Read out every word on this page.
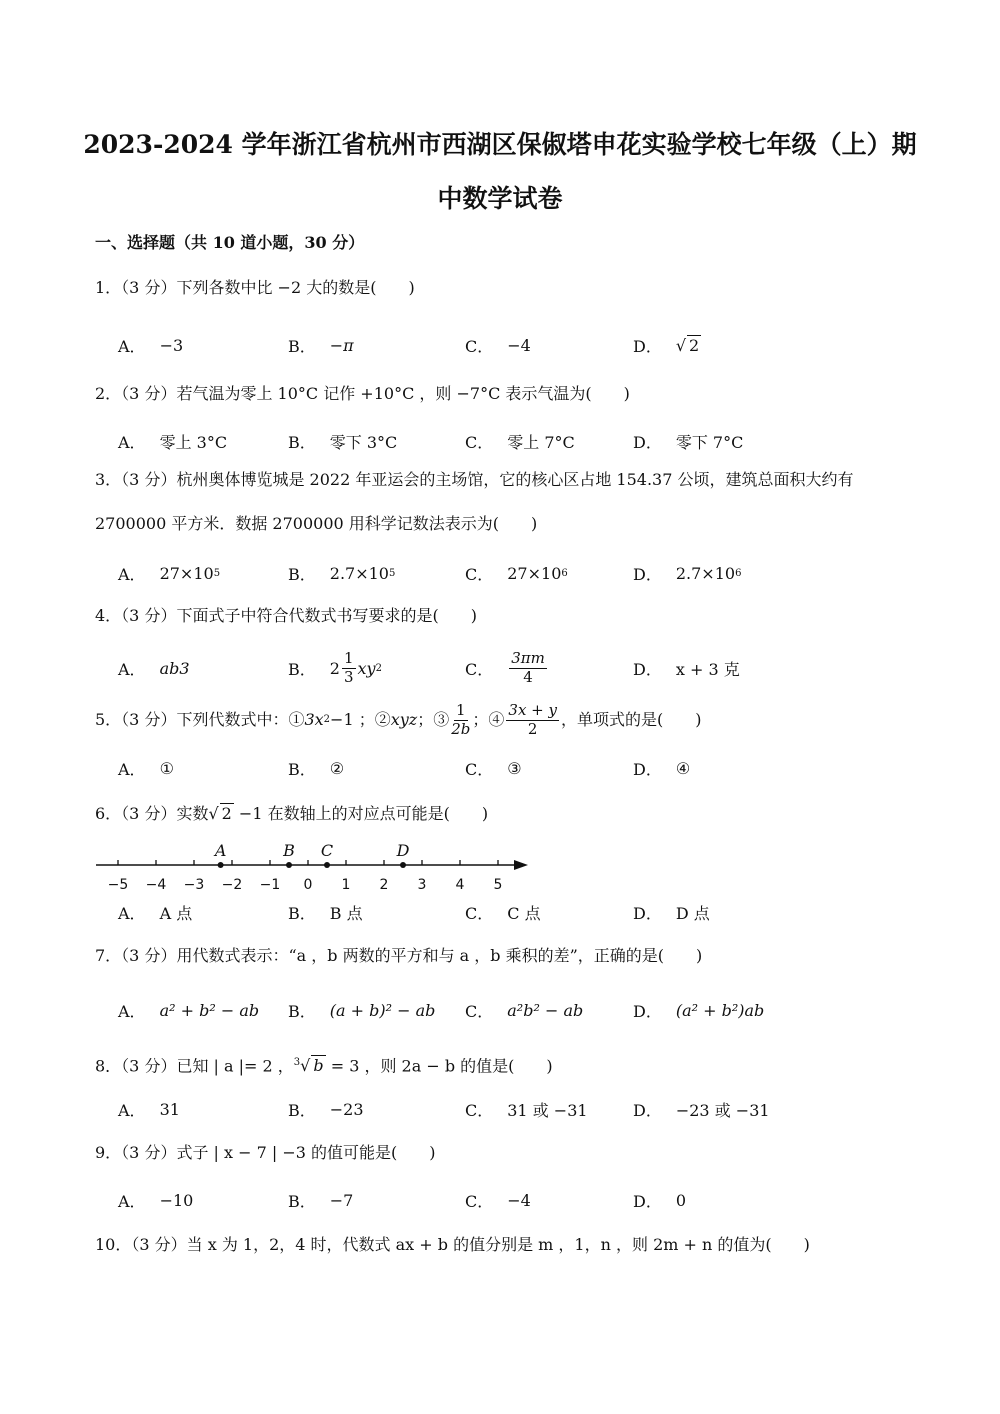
2023-2024 学年浙江省杭州市西湖区保俶塔申花实验学校七年级（上）期
中数学试卷
一、选择题（共 10 道小题，30 分）
1．（3 分）下列各数中比 −2 大的数是(　　)
A． −3	B． −π	C． −4	D． √ 2
2．（3 分）若气温为零上 10°C 记作 +10°C ，则 −7°C 表示气温为(　　)
A． 零上 3°C	B． 零下 3°C	C． 零上 7°C	D． 零下 7°C
3．（3 分）杭州奥体博览城是 2022 年亚运会的主场馆，它的核心区占地 154.37 公顷，建筑总面积大约有
2700000 平方米．数据 2700000 用科学记数法表示为(　　)
A． 27×10 5	B． 2.7×10 5	C． 27×10 6	D． 2.7×10 6
4．（3 分）下面式子中符合代数式书写要求的是(　　)
A． ab3	B． $2 \frac{1}{3}$ xy 2	C． $\frac{3\pi m}{4}$	D． x + 3 克
5．（3 分）下列代数式中：① 3x 2 −1 ；② xyz ；③ $\frac{1}{2b}$ ；④ $\frac{3x + y}{2}$ ，单项式的是(　　)
A． ①	B． ②	C． ③	D． ④
6．（3 分）实数√ 2 −1 在数轴上的对应点可能是(　　)
−5 −4 −3 −2 −1 0 1 2 3 4 5
A	B C	D
A． A 点	B． B 点	C． C 点	D． D 点
7．（3 分）用代数式表示：“a ，b 两数的平方和与 a ，b 乘积的差”，正确的是(　　)
A． a² + b² − ab B． (a + b)² − ab C． a²b² − ab	D． (a² + b²)ab
8．（3 分）已知 | a |= 2 ，$^3$√ b = 3 ，则 2a − b 的值是(　　)
A． 31	B． −23	C． 31 或 −31	D． −23 或 −31
9．（3 分）式子 | x − 7 | −3 的值可能是(　　)
A． −10	B． −7	C． −4	D． 0
10．（3 分）当 x 为 1，2，4 时，代数式 ax + b 的值分别是 m ，1，n ，则 2m + n 的值为(　　)
